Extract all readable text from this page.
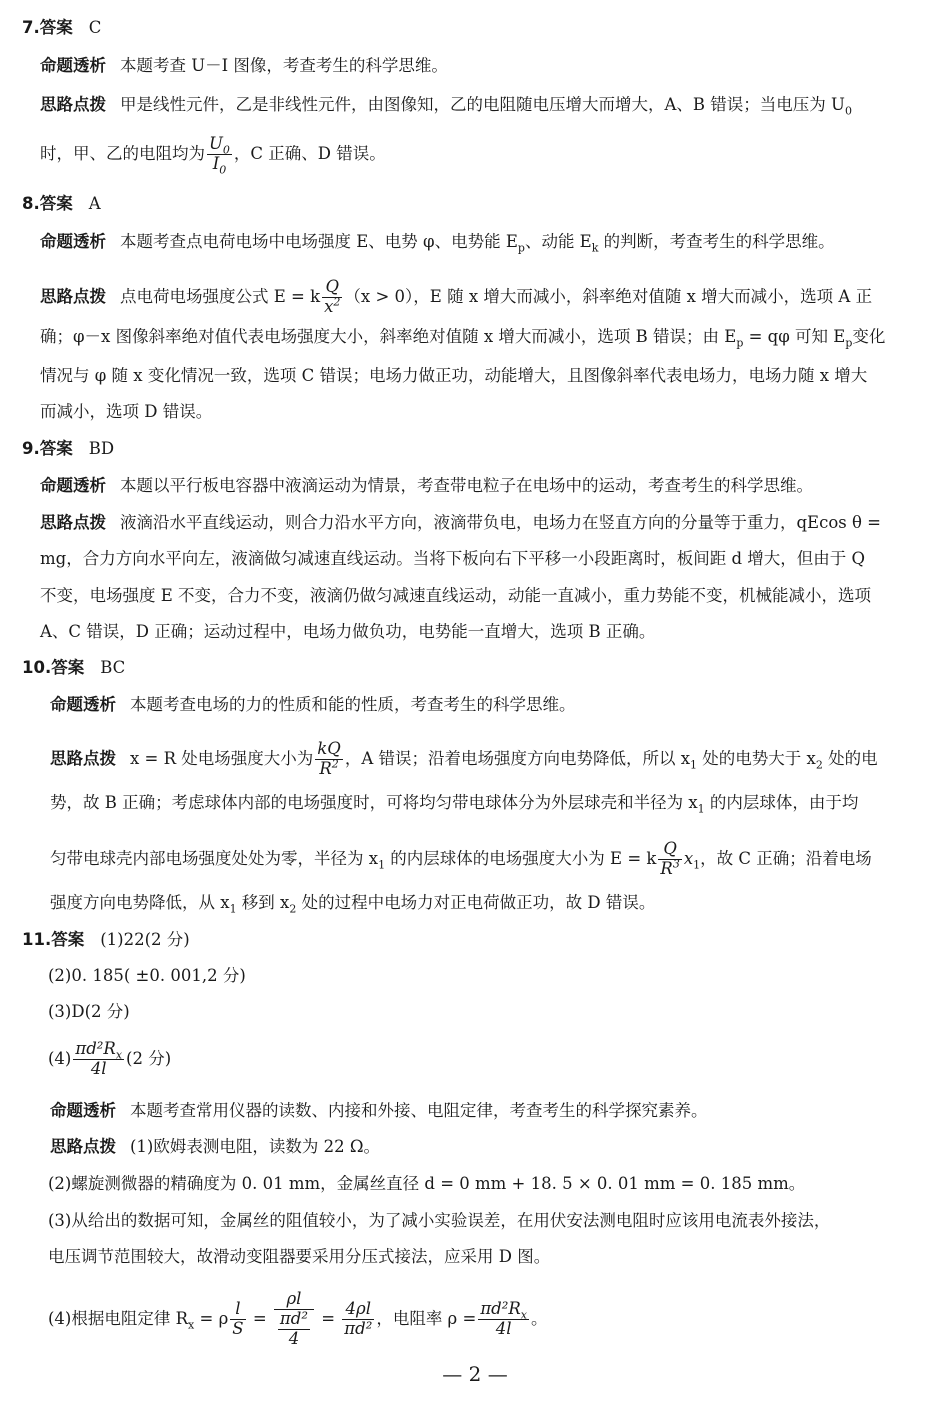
7.答案 C
命题透析 本题考查 U－I 图像，考查考生的科学思维。
思路点拨 甲是线性元件，乙是非线性元件，由图像知，乙的电阻随电压增大而增大，A、B 错误；当电压为 $U_0$
时，甲、乙的电阻均为 $\frac{U_0}{I_0}$ ，C 正确、D 错误。
8.答案 A
命题透析 本题考查点电荷电场中电场强度 E、电势 φ、电势能 $E_p$、动能 $E_k$ 的判断，考查考生的科学思维。
思路点拨 点电荷电场强度公式 E = k $\frac{Q}{x^2} (x > 0)$，E 随 x 增大而减小，斜率绝对值随 x 增大而减小，选项 A 正
确；φ－x 图像斜率绝对值代表电场强度大小，斜率绝对值随 x 增大而减小，选项 B 错误；由 $E_p = q\varphi$ 可知 $E_p$变化
情况与 φ 随 x 变化情况一致，选项 C 错误；电场力做正功，动能增大，且图像斜率代表电场力，电场力随 x 增大
而减小，选项 D 错误。
9.答案 BD
命题透析 本题以平行板电容器中液滴运动为情景，考查带电粒子在电场中的运动，考查考生的科学思维。
思路点拨 液滴沿水平直线运动，则合力沿水平方向，液滴带负电，电场力在竖直方向的分量等于重力，qEcos θ =
mg，合力方向水平向左，液滴做匀减速直线运动。当将下板向右下平移一小段距离时，板间距 d 增大，但由于 Q
不变，电场强度 E 不变，合力不变，液滴仍做匀减速直线运动，动能一直减小，重力势能不变，机械能减小，选项
A、C 错误，D 正确；运动过程中，电场力做负功，电势能一直增大，选项 B 正确。
10.答案 BC
命题透析 本题考查电场的力的性质和能的性质，考查考生的科学思维。
思路点拨 x = R 处电场强度大小为 $\frac{kQ}{R^2}$ ，A 错误；沿着电场强度方向电势降低，所以 $x_1$ 处的电势大于 $x_2$ 处的电
势，故 B 正确；考虑球体内部的电场强度时，可将均匀带电球体分为外层球壳和半径为 $x_1$ 的内层球体，由于均
匀带电球壳内部电场强度处处为零，半径为 $x_1$ 的内层球体的电场强度大小为 E = k $\frac{Q}{R^3} x_1$，故 C 正确；沿着电场
强度方向电势降低，从 $x_1$ 移到 $x_2$ 处的过程中电场力对正电荷做正功，故 D 错误。
11.答案 (1)22(2 分)
(2)0. 185( ±0. 001,2 分)
(3)D(2 分)
$(4) \frac{\pi d^2R_x}{4l} (2$ 分)
命题透析 本题考查常用仪器的读数、内接和外接、电阻定律，考查考生的科学探究素养。
思路点拨 (1)欧姆表测电阻，读数为 22 Ω。
(2)螺旋测微器的精确度为 0. 01 mm，金属丝直径 d = 0 mm + 18. 5 × 0. 01 mm = 0. 185 mm。
(3)从给出的数据可知，金属丝的阻值较小，为了减小实验误差，在用伏安法测电阻时应该用电流表外接法，
电压调节范围较大，故滑动变阻器要采用分压式接法，应采用 D 图。
(4)根据电阻定律 $R_x = \rho \frac{l}{S} = \frac{\rho l}{\frac{\text{πd²}}{4}} = \frac{4\rho l}{\text{πd²}}$ ，电阻率 $\rho = \frac{\pi d^2R_x}{4l}$ 。
— 2 —
